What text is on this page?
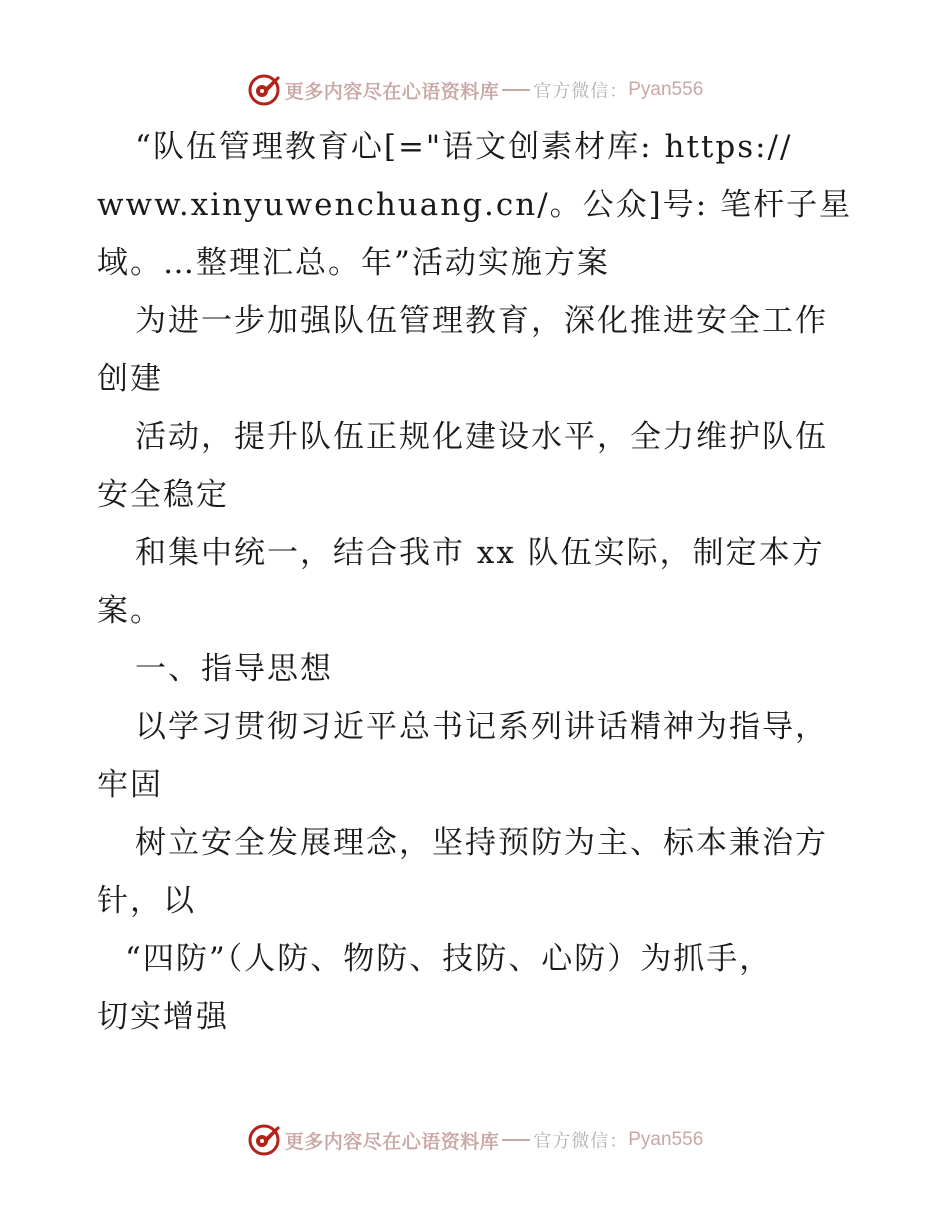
更多内容尽在心语资料库 官方微信： Pyan556
“队伍管理教育心[="语文创素材库: https://
www.xinyuwenchuang.cn/。公众]号: 笔杆子星
域。…整理汇总。年”活动实施方案
为进一步加强队伍管理教育，深化推进安全工作
创建
活动，提升队伍正规化建设水平，全力维护队伍
安全稳定
和集中统一，结合我市 xx 队伍实际，制定本方
案。
一、指导思想
以学习贯彻习近平总书记系列讲话精神为指导，
牢固
树立安全发展理念，坚持预防为主、标本兼治方
针，以
“四防”（人防、物防、技防、心防）为抓手，
切实增强
更多内容尽在心语资料库 官方微信： Pyan556
